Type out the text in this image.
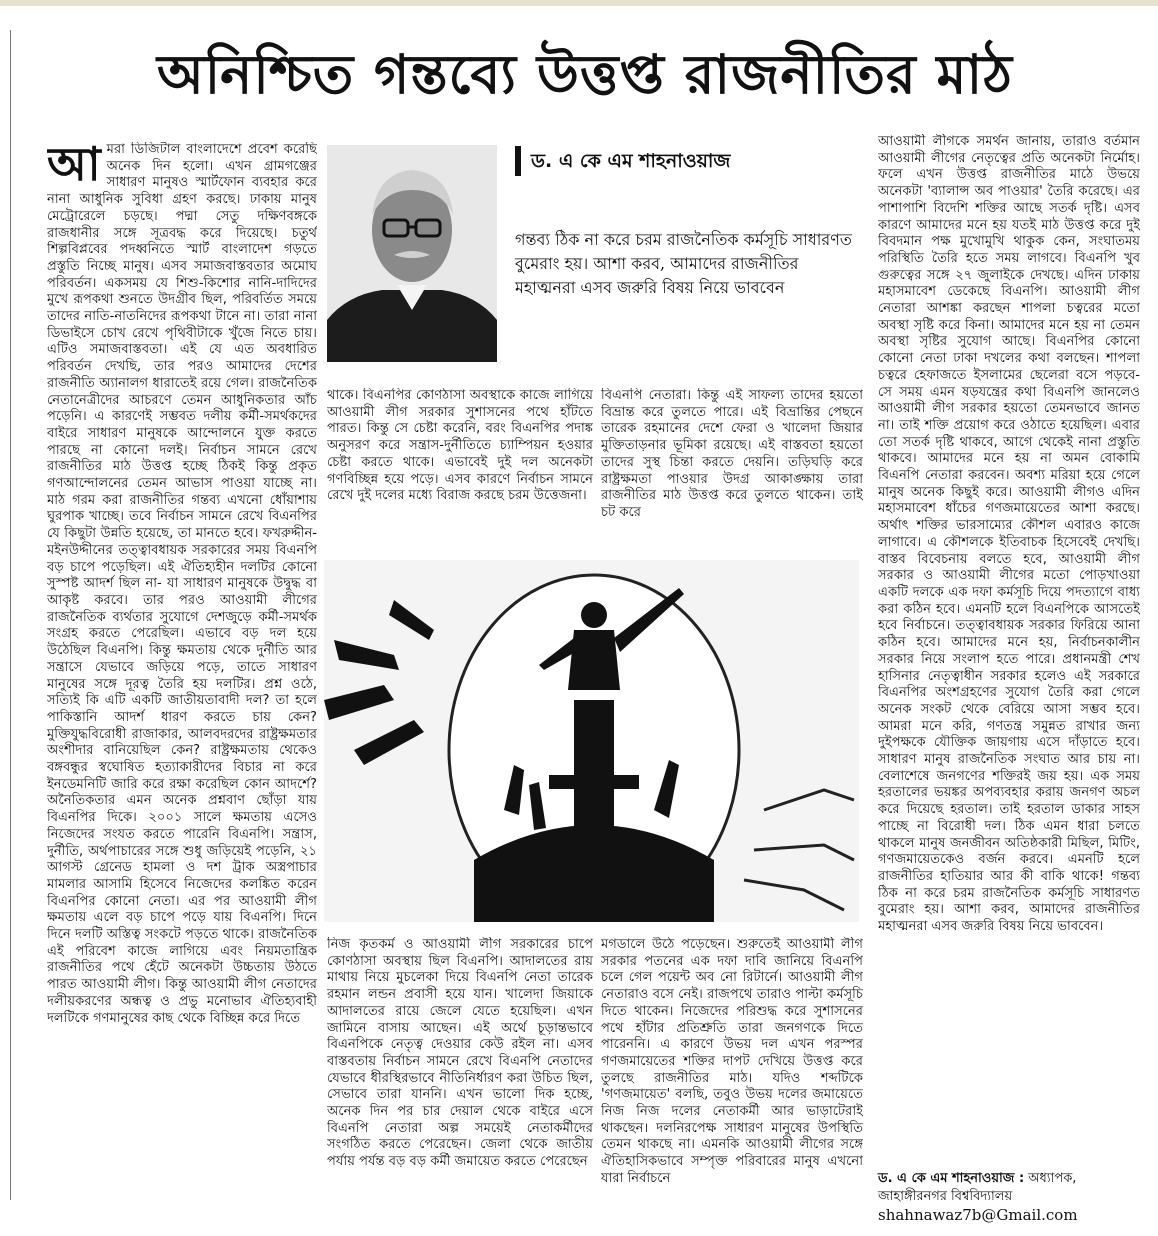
অনিশ্চিত গন্তব্যে উত্তপ্ত রাজনীতির মাঠ
আ মরা ডিজিটাল বাংলাদেশে প্রবেশ করেছি অনেক দিন হলো। এখন গ্রামগঞ্জের সাধারণ মানুষও স্মার্টফোন ব্যবহার করে নানা আধুনিক সুবিধা গ্রহণ করছে। ঢাকায় মানুষ মেট্রোরেলে চড়ছে। পদ্মা সেতু দক্ষিণবঙ্গকে রাজধানীর সঙ্গে সূত্রবদ্ধ করে দিয়েছে। চতুর্থ শিল্পবিপ্লবের পদধ্বনিতে স্মার্ট বাংলাদেশ গড়তে প্রস্তুতি নিচ্ছে মানুষ। এসব সমাজবাস্তবতার অমোঘ পরিবর্তন। একসময় যে শিশু-কিশোর নানি-দাদিদের মুখে রূপকথা শুনতে উদগ্রীব ছিল, পরিবর্তিত সময়ে তাদের নাতি-নাতনিদের রূপকথা টানে না। তারা নানা ডিভাইসে চোখ রেখে পৃথিবীটাকে খুঁজে নিতে চায়। এটিও সমাজবাস্তবতা। এই যে এত অবধারিত পরিবর্তন দেখছি, তার পরও আমাদের দেশের রাজনীতি অ্যানালগ ধারাতেই রয়ে গেল। রাজনৈতিক নেতানেত্রীদের আচরণে তেমন আধুনিকতার আঁচ পড়েনি। এ কারণেই সম্ভবত দলীয় কর্মী-সমর্থকদের বাইরে সাধারণ মানুষকে আন্দোলনে যুক্ত করতে পারছে না কোনো দলই। নির্বাচন সামনে রেখে রাজনীতির মাঠ উত্তপ্ত হচ্ছে ঠিকই কিন্তু প্রকৃত গণআন্দোলনের তেমন আভাস পাওয়া যাচ্ছে না। মাঠ গরম করা রাজনীতির গন্তব্য এখনো ধোঁয়াশায় ঘুরপাক খাচ্ছে। তবে নির্বাচন সামনে রেখে বিএনপির যে কিছুটা উন্নতি হয়েছে, তা মানতে হবে। ফখরুদ্দীন-মইনউদ্দীনের তত্ত্বাবধায়ক সরকারের সময় বিএনপি বড় চাপে পড়েছিল। এই ঐতিহ্যহীন দলটির কোনো সুস্পষ্ট আদর্শ ছিল না- যা সাধারণ মানুষকে উদ্বুদ্ধ বা আকৃষ্ট করবে। তার পরও আওয়ামী লীগের রাজনৈতিক ব্যর্থতার সুযোগে দেশজুড়ে কর্মী-সমর্থক সংগ্রহ করতে পেরেছিল। এভাবে বড় দল হয়ে উঠেছিল বিএনপি। কিন্তু ক্ষমতায় থেকে দুর্নীতি আর সন্ত্রাসে যেভাবে জড়িয়ে পড়ে, তাতে সাধারণ মানুষের সঙ্গে দূরত্ব তৈরি হয় দলটির। প্রশ্ন ওঠে, সত্যিই কি এটি একটি জাতীয়তাবাদী দল? তা হলে পাকিস্তানি আদর্শ ধারণ করতে চায় কেন? মুক্তিযুদ্ধবিরোধী রাজাকার, আলবদরদের রাষ্ট্রক্ষমতার অংশীদার বানিয়েছিল কেন? রাষ্ট্রক্ষমতায় থেকেও বঙ্গবন্ধুর স্বঘোষিত হত্যাকারীদের বিচার না করে ইনডেমনিটি জারি করে রক্ষা করেছিল কোন আদর্শে? অনৈতিকতার এমন অনেক প্রশ্নবাণ ছোঁড়া যায় বিএনপির দিকে। ২০০১ সালে ক্ষমতায় এসেও নিজেদের সংযত করতে পারেনি বিএনপি। সন্ত্রাস, দুর্নীতি, অর্থপাচারের সঙ্গে শুধু জড়িয়েই পড়েনি, ২১ আগস্ট গ্রেনেড হামলা ও দশ ট্রাক অস্ত্রপাচার মামলার আসামি হিসেবে নিজেদের কলঙ্কিত করেন বিএনপির কোনো নেতা। এর পর আওয়ামী লীগ ক্ষমতায় এলে বড় চাপে পড়ে যায় বিএনপি। দিনে দিনে দলটি অস্তিত্ব সংকটে পড়তে থাকে। রাজনৈতিক এই পরিবেশ কাজে লাগিয়ে এবং নিয়মতান্ত্রিক রাজনীতির পথে হেঁটে অনেকটা উচ্চতায় উঠতে পারত আওয়ামী লীগ। কিন্তু আওয়ামী লীগ নেতাদের দলীয়করণের অন্ধত্ব ও প্রভু মনোভাব ঐতিহ্যবাহী দলটিকে গণমানুষের কাছ থেকে বিচ্ছিন্ন করে দিতে

ড. এ কে এম শাহনাওয়াজ
গন্তব্য ঠিক না করে চরম রাজনৈতিক কর্মসূচি সাধারণত বুমেরাং হয়। আশা করব, আমাদের রাজনীতির মহাত্মনরা এসব জরুরি বিষয় নিয়ে ভাববেন

থাকে। বিএনপির কোণঠাসা অবস্থাকে কাজে লাগিয়ে আওয়ামী লীগ সরকার সুশাসনের পথে হাঁটতে পারত। কিন্তু সে চেষ্টা করেনি, বরং বিএনপির পদাঙ্ক অনুসরণ করে সন্ত্রাস-দুর্নীতিতে চ্যাম্পিয়ন হওয়ার চেষ্টা করতে থাকে। এভাবেই দুই দল অনেকটা গণবিচ্ছিন্ন হয়ে পড়ে। এসব কারণে নির্বাচন সামনে রেখে দুই দলের মধ্যে বিরাজ করছে চরম উত্তেজনা।

বিএনপি নেতারা। কিন্তু এই সাফল্য তাদের হয়তো বিভ্রান্ত করে তুলতে পারে। এই বিভ্রান্তির পেছনে তারেক রহমানের দেশে ফেরা ও খালেদা জিয়ার মুক্তিতাড়নার ভূমিকা রয়েছে। এই বাস্তবতা হয়তো তাদের সুস্থ চিন্তা করতে দেয়নি। তড়িঘড়ি করে রাষ্ট্রক্ষমতা পাওয়ার উদগ্র আকাঙ্ক্ষায় তারা রাজনীতির মাঠ উত্তপ্ত করে তুলতে থাকেন। তাই চট করে

নিজ কৃতকর্ম ও আওয়ামী লীগ সরকারের চাপে কোণঠাসা অবস্থায় ছিল বিএনপি। আদালতের রায় মাথায় নিয়ে মুচলেকা দিয়ে বিএনপি নেতা তারেক রহমান লন্ডন প্রবাসী হয়ে যান। খালেদা জিয়াকে আদালতের রায়ে জেলে যেতে হয়েছিল। এখন জামিনে বাসায় আছেন। এই অর্থে চূড়ান্তভাবে বিএনপিকে নেতৃত্ব দেওয়ার কেউ রইল না। এসব বাস্তবতায় নির্বাচন সামনে রেখে বিএনপি নেতাদের যেভাবে ধীরস্থিরভাবে নীতিনির্ধারণ করা উচিত ছিল, সেভাবে তারা যাননি। এখন ভালো দিক হচ্ছে, অনেক দিন পর চার দেয়াল থেকে বাইরে এসে বিএনপি নেতারা অল্প সময়েই নেতাকর্মীদের সংগঠিত করতে পেরেছেন। জেলা থেকে জাতীয় পর্যায় পর্যন্ত বড় বড় কর্মী জমায়েত করতে পেরেছেন

মগডালে উঠে পড়েছেন। শুরুতেই আওয়ামী লীগ সরকার পতনের এক দফা দাবি জানিয়ে বিএনপি চলে গেল পয়েন্ট অব নো রিটার্নে। আওয়ামী লীগ নেতারাও বসে নেই। রাজপথে তারাও পাল্টা কর্মসূচি দিতে থাকেন। নিজেদের পরিশুদ্ধ করে সুশাসনের পথে হাঁটার প্রতিশ্রুতি তারা জনগণকে দিতে পারেননি। এ কারণে উভয় দল এখন পরস্পর গণজমায়েতের শক্তির দাপট দেখিয়ে উত্তপ্ত করে তুলছে রাজনীতির মাঠ। যদিও শব্দটিকে 'গণজমায়েত' বলছি, তবুও উভয় দলের জমায়েতে নিজ নিজ দলের নেতাকর্মী আর ভাড়াটেরাই থাকছেন। দলনিরপেক্ষ সাধারণ মানুষের উপস্থিতি তেমন থাকছে না। এমনকি আওয়ামী লীগের সঙ্গে ঐতিহাসিকভাবে সম্পৃক্ত পরিবারের মানুষ এখনো যারা নির্বাচনে

আওয়ামী লীগকে সমর্থন জানায়, তারাও বর্তমান আওয়ামী লীগের নেতৃত্বের প্রতি অনেকটা নির্মোহ। ফলে এখন উত্তপ্ত রাজনীতির মাঠে উভয়ে অনেকটা 'ব্যালান্স অব পাওয়ার' তৈরি করেছে। এর পাশাপাশি বিদেশি শক্তির আছে সতর্ক দৃষ্টি। এসব কারণে আমাদের মনে হয় যতই মাঠ উত্তপ্ত করে দুই বিবদমান পক্ষ মুখোমুখি থাকুক কেন, সংঘাতময় পরিস্থিতি তৈরি হতে সময় লাগবে। বিএনপি খুব গুরুত্বের সঙ্গে ২৭ জুলাইকে দেখছে। এদিন ঢাকায় মহাসমাবেশ ডেকেছে বিএনপি। আওয়ামী লীগ নেতারা আশঙ্কা করছেন শাপলা চত্বরের মতো অবস্থা সৃষ্টি করে কিনা। আমাদের মনে হয় না তেমন অবস্থা সৃষ্টির সুযোগ আছে। বিএনপির কোনো কোনো নেতা ঢাকা দখলের কথা বলছেন। শাপলা চত্বরে হেফাজতে ইসলামের ছেলেরা বসে পড়বে- সে সময় এমন ষড়যন্ত্রের কথা বিএনপি জানলেও আওয়ামী লীগ সরকার হয়তো তেমনভাবে জানত না। তাই শক্তি প্রয়োগ করে ওঠাতে হয়েছিল। এবার তো সতর্ক দৃষ্টি থাকবে, আগে থেকেই নানা প্রস্তুতি থাকবে। আমাদের মনে হয় না অমন বোকামি বিএনপি নেতারা করবেন। অবশ্য মরিয়া হয়ে গেলে মানুষ অনেক কিছুই করে। আওয়ামী লীগও এদিন মহাসমাবেশ ধাঁচের গণজমায়েতের আশা করছে। অর্থাৎ শক্তির ভারসাম্যের কৌশল এবারও কাজে লাগাবে। এ কৌশলকে ইতিবাচক হিসেবেই দেখছি। বাস্তব বিবেচনায় বলতে হবে, আওয়ামী লীগ সরকার ও আওয়ামী লীগের মতো পোড়খাওয়া একটি দলকে এক দফা কর্মসূচি দিয়ে পদত্যাগে বাধ্য করা কঠিন হবে। এমনটি হলে বিএনপিকে আসতেই হবে নির্বাচনে। তত্ত্বাবধায়ক সরকার ফিরিয়ে আনা কঠিন হবে। আমাদের মনে হয়, নির্বাচনকালীন সরকার নিয়ে সংলাপ হতে পারে। প্রধানমন্ত্রী শেখ হাসিনার নেতৃত্বাধীন সরকার হলেও এই সরকারে বিএনপির অংশগ্রহণের সুযোগ তৈরি করা গেলে অনেক সংকট থেকে বেরিয়ে আসা সম্ভব হবে। আমরা মনে করি, গণতন্ত্র সমুন্নত রাখার জন্য দুইপক্ষকে যৌক্তিক জায়গায় এসে দাঁড়াতে হবে। সাধারণ মানুষ রাজনৈতিক সংঘাত আর চায় না। বেলাশেষে জনগণের শক্তিরই জয় হয়। এক সময় হরতালের ভয়ঙ্কর অপব্যবহার করায় জনগণ অচল করে দিয়েছে হরতাল। তাই হরতাল ডাকার সাহস পাচ্ছে না বিরোধী দল। ঠিক এমন ধারা চলতে থাকলে মানুষ জনজীবন অতিষ্ঠকারী মিছিল, মিটিং, গণজমায়েতকেও বর্জন করবে। এমনটি হলে রাজনীতির হাতিয়ার আর কী বাকি থাকে! গন্তব্য ঠিক না করে চরম রাজনৈতিক কর্মসূচি সাধারণত বুমেরাং হয়। আশা করব, আমাদের রাজনীতির মহাত্মনরা এসব জরুরি বিষয় নিয়ে ভাববেন।

ড. এ কে এম শাহনাওয়াজ : অধ্যাপক, জাহাঙ্গীরনগর বিশ্ববিদ্যালয়
shahnawaz7b@Gmail.com
